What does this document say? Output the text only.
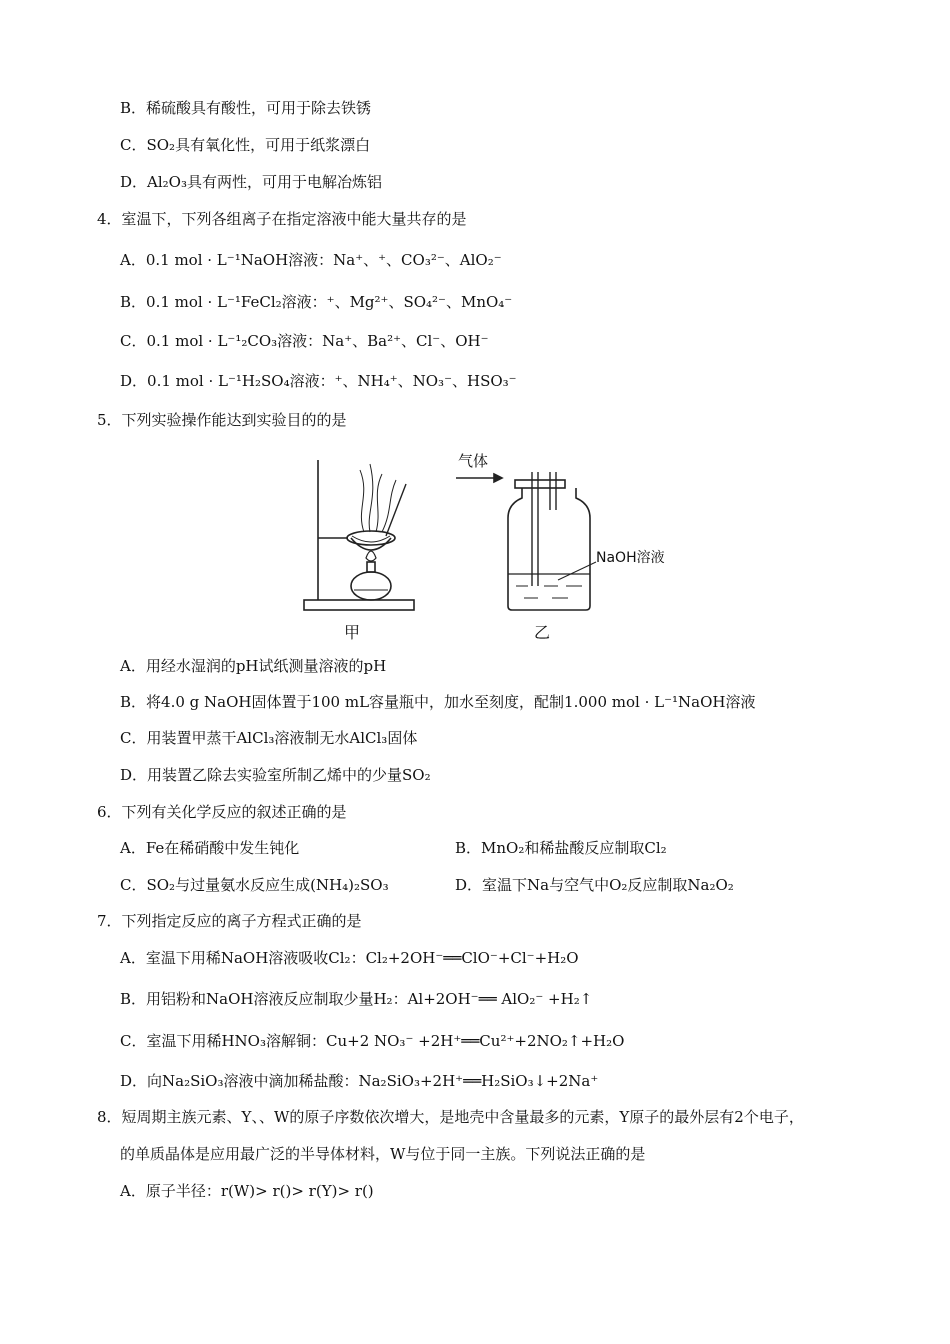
B．稀硫酸具有酸性，可用于除去铁锈
C．SO₂具有氧化性，可用于纸浆漂白
D．Al₂O₃具有两性，可用于电解冶炼铝
4．室温下，下列各组离子在指定溶液中能大量共存的是
A．0.1 mol · L⁻¹NaOH溶液：Na⁺、⁺、CO₃²⁻、AlO₂⁻
B．0.1 mol · L⁻¹FeCl₂溶液：⁺、Mg²⁺、SO₄²⁻、MnO₄⁻
C．0.1 mol · L⁻¹₂CO₃溶液：Na⁺、Ba²⁺、Cl⁻、OH⁻
D．0.1 mol · L⁻¹H₂SO₄溶液：⁺、NH₄⁺、NO₃⁻、HSO₃⁻
5．下列实验操作能达到实验目的的是
气体
NaOH溶液
甲	乙
A．用经水湿润的pH试纸测量溶液的pH
B．将4.0 g NaOH固体置于100 mL容量瓶中，加水至刻度，配制1.000 mol · L⁻¹NaOH溶液
C．用装置甲蒸干AlCl₃溶液制无水AlCl₃固体
D．用装置乙除去实验室所制乙烯中的少量SO₂
6．下列有关化学反应的叙述正确的是
A．Fe在稀硝酸中发生钝化	B．MnO₂和稀盐酸反应制取Cl₂
C．SO₂与过量氨水反应生成(NH₄)₂SO₃	D．室温下Na与空气中O₂反应制取Na₂O₂
7．下列指定反应的离子方程式正确的是
A．室温下用稀NaOH溶液吸收Cl₂：Cl₂+2OH⁻══ClO⁻+Cl⁻+H₂O
B．用铝粉和NaOH溶液反应制取少量H₂：Al+2OH⁻══ AlO₂⁻ +H₂↑
C．室温下用稀HNO₃溶解铜：Cu+2 NO₃⁻ +2H⁺══Cu²⁺+2NO₂↑+H₂O
D．向Na₂SiO₃溶液中滴加稀盐酸：Na₂SiO₃+2H⁺══H₂SiO₃↓+2Na⁺
8．短周期主族元素、Y、、W的原子序数依次增大，是地壳中含量最多的元素，Y原子的最外层有2个电子，
的单质晶体是应用最广泛的半导体材料，W与位于同一主族。下列说法正确的是
A．原子半径：r(W)> r()> r(Y)> r()
